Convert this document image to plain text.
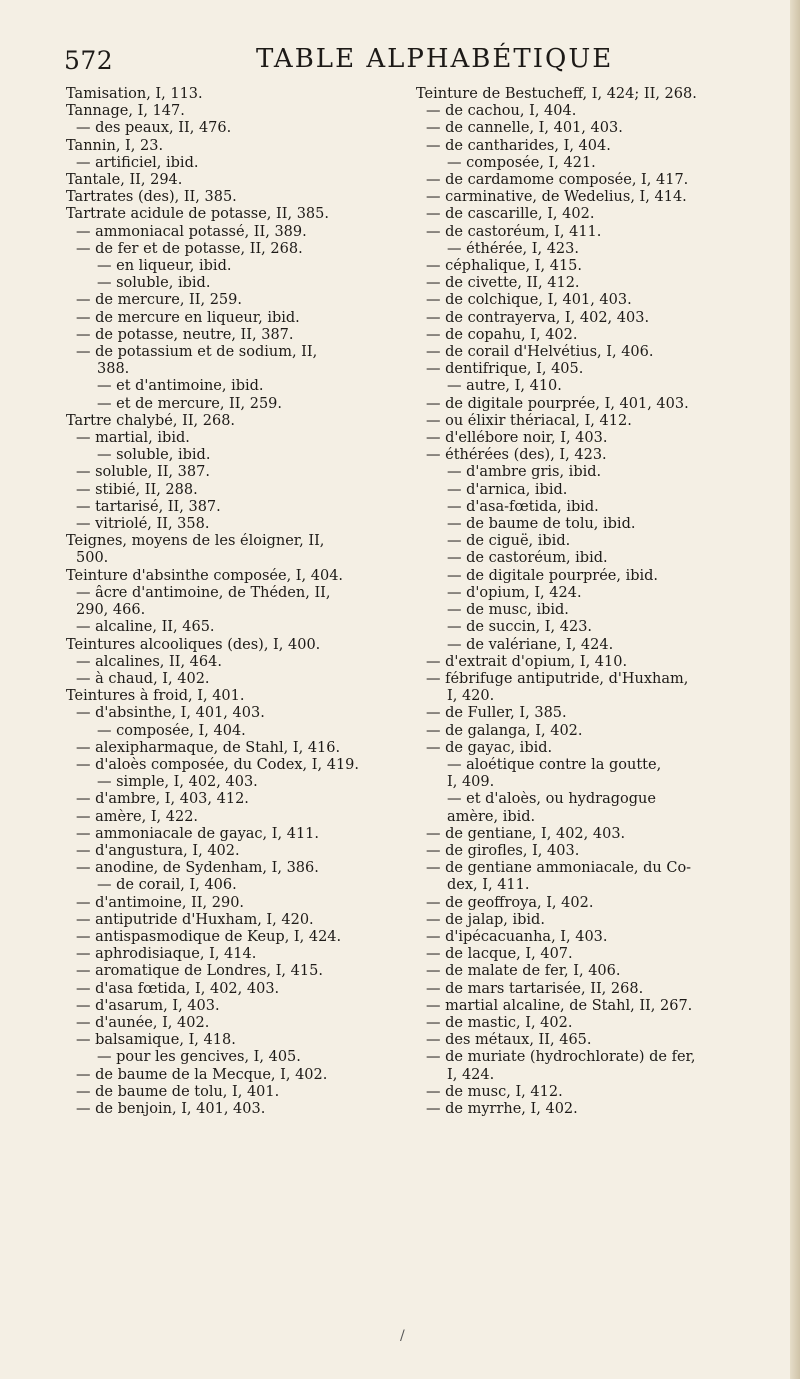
572	TABLE ALPHABÉTIQUE
Tamisation, I, 113.
Tannage, I, 147.
— des peaux, II, 476.
Tannin, I, 23.
— artificiel, ibid.
Tantale, II, 294.
Tartrates (des), II, 385.
Tartrate acidule de potasse, II, 385.
— ammoniacal potassé, II, 389.
— de fer et de potasse, II, 268.
— en liqueur, ibid.
— soluble, ibid.
— de mercure, II, 259.
— de mercure en liqueur, ibid.
— de potasse, neutre, II, 387.
— de potassium et de sodium, II,
388.
— et d'antimoine, ibid.
— et de mercure, II, 259.
Tartre chalybé, II, 268.
— martial, ibid.
— soluble, ibid.
— soluble, II, 387.
— stibié, II, 288.
— tartarisé, II, 387.
— vitriolé, II, 358.
Teignes, moyens de les éloigner, II,
500.
Teinture d'absinthe composée, I, 404.
— âcre d'antimoine, de Théden, II,
290, 466.
— alcaline, II, 465.
Teintures alcooliques (des), I, 400.
— alcalines, II, 464.
— à chaud, I, 402.
Teintures à froid, I, 401.
— d'absinthe, I, 401, 403.
— composée, I, 404.
— alexipharmaque, de Stahl, I, 416.
— d'aloès composée, du Codex, I, 419.
— simple, I, 402, 403.
— d'ambre, I, 403, 412.
— amère, I, 422.
— ammoniacale de gayac, I, 411.
— d'angustura, I, 402.
— anodine, de Sydenham, I, 386.
— de corail, I, 406.
— d'antimoine, II, 290.
— antiputride d'Huxham, I, 420.
— antispasmodique de Keup, I, 424.
— aphrodisiaque, I, 414.
— aromatique de Londres, I, 415.
— d'asa fœtida, I, 402, 403.
— d'asarum, I, 403.
— d'aunée, I, 402.
— balsamique, I, 418.
— pour les gencives, I, 405.
— de baume de la Mecque, I, 402.
— de baume de tolu, I, 401.
— de benjoin, I, 401, 403.
Teinture de Bestucheff, I, 424; II, 268.
— de cachou, I, 404.
— de cannelle, I, 401, 403.
— de cantharides, I, 404.
— composée, I, 421.
— de cardamome composée, I, 417.
— carminative, de Wedelius, I, 414.
— de cascarille, I, 402.
— de castoréum, I, 411.
— éthérée, I, 423.
— céphalique, I, 415.
— de civette, II, 412.
— de colchique, I, 401, 403.
— de contrayerva, I, 402, 403.
— de copahu, I, 402.
— de corail d'Helvétius, I, 406.
— dentifrique, I, 405.
— autre, I, 410.
— de digitale pourprée, I, 401, 403.
— ou élixir thériacal, I, 412.
— d'ellébore noir, I, 403.
— éthérées (des), I, 423.
— d'ambre gris, ibid.
— d'arnica, ibid.
— d'asa-fœtida, ibid.
— de baume de tolu, ibid.
— de ciguë, ibid.
— de castoréum, ibid.
— de digitale pourprée, ibid.
— d'opium, I, 424.
— de musc, ibid.
— de succin, I, 423.
— de valériane, I, 424.
— d'extrait d'opium, I, 410.
— fébrifuge antiputride, d'Huxham,
I, 420.
— de Fuller, I, 385.
— de galanga, I, 402.
— de gayac, ibid.
— aloétique contre la goutte,
I, 409.
— et d'aloès, ou hydragogue
amère, ibid.
— de gentiane, I, 402, 403.
— de girofles, I, 403.
— de gentiane ammoniacale, du Co-
dex, I, 411.
— de geoffroya, I, 402.
— de jalap, ibid.
— d'ipécacuanha, I, 403.
— de lacque, I, 407.
— de malate de fer, I, 406.
— de mars tartarisée, II, 268.
— martial alcaline, de Stahl, II, 267.
— de mastic, I, 402.
— des métaux, II, 465.
— de muriate (hydrochlorate) de fer,
I, 424.
— de musc, I, 412.
— de myrrhe, I, 402.
/
